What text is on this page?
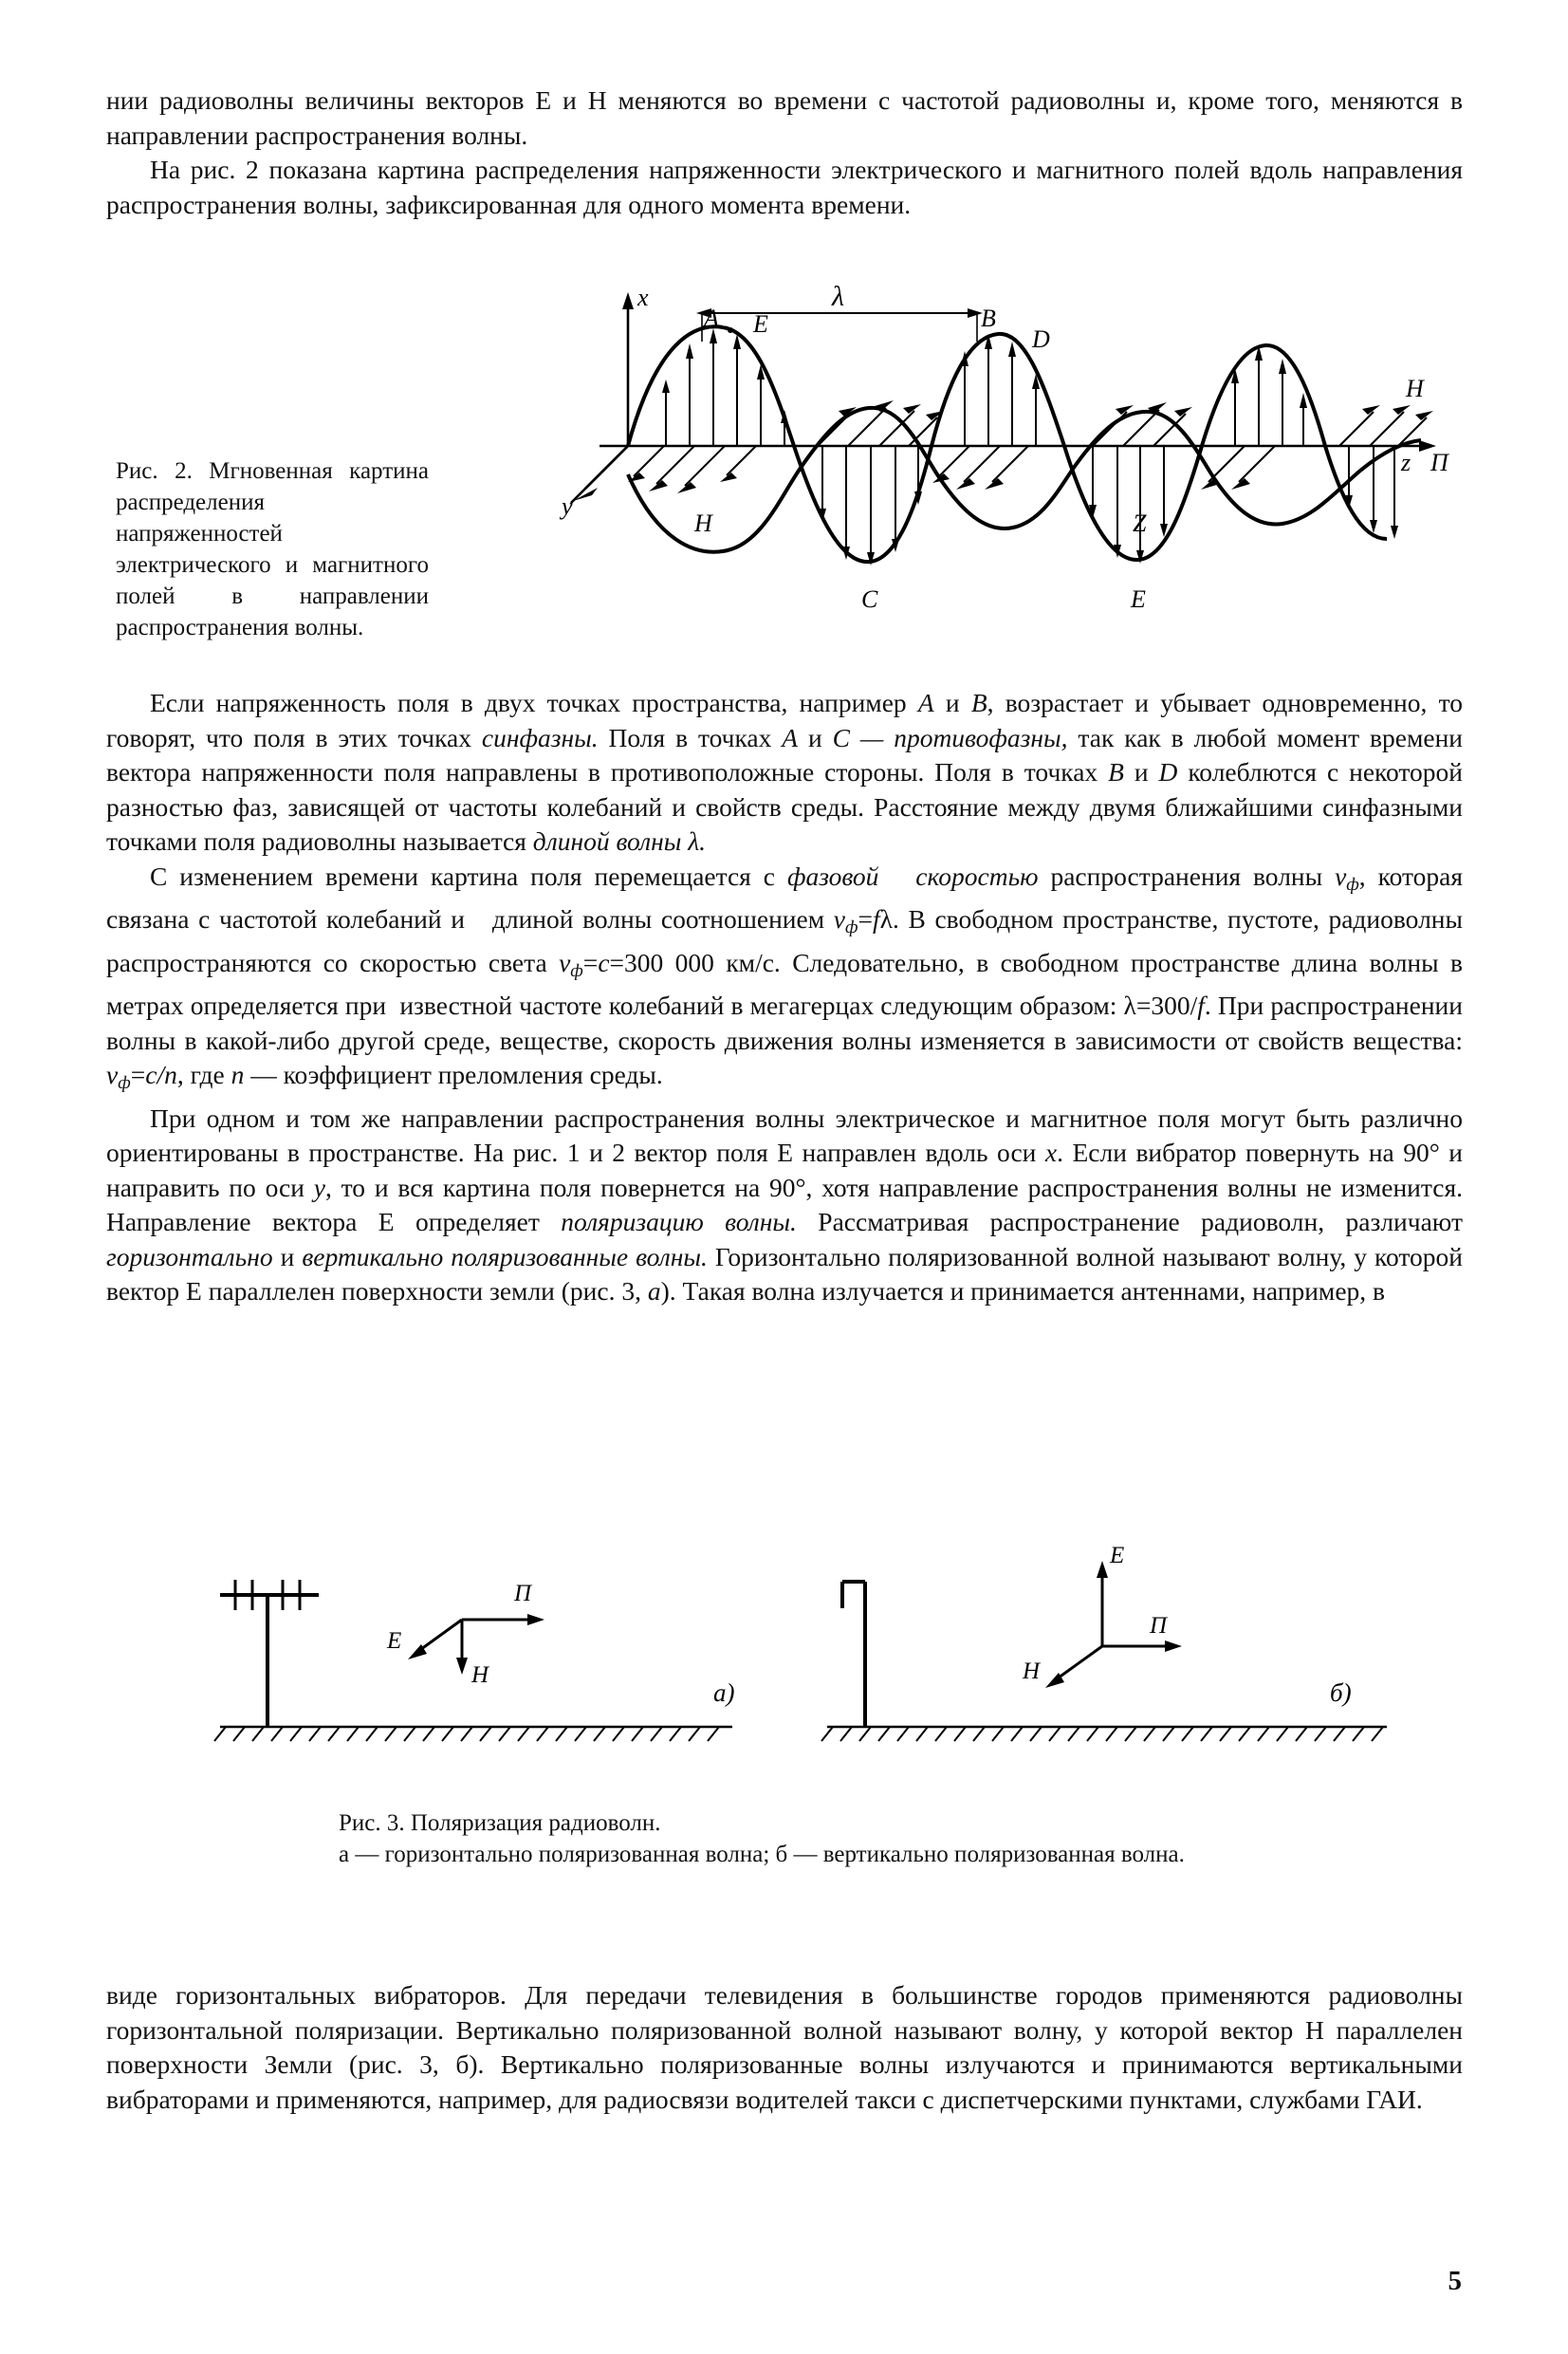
нии радиоволны величины векторов E и H меняются во времени с частотой радиоволны и, кроме того, меняются в направлении распространения волны.

На рис. 2 показана картина распределения напряженности электрического и магнитного полей вдоль направления распространения волны, зафиксированная для одного момента времени.

Рис. 2. Мгновенная картина распределения напряженностей электрического и магнитного полей в направлении распространения волны.
x
y
z
λ
A	B
C
D
E
E
H
H
П
Z

Если напряженность поля в двух точках пространства, например A и B, возрастает и убывает одновременно, то говорят, что поля в этих точках синфазны. Поля в точках A и C — противофазны, так как в любой момент времени вектора напряженности поля направлены в противоположные стороны. Поля в точках B и D колеблются с некоторой разностью фаз, зависящей от частоты колебаний и свойств среды. Расстояние между двумя ближайшими синфазными точками поля радиоволны называется длиной волны λ.

С изменением времени картина поля перемещается с фазовой   скоростью распространения волны $v_ф$, которая связана с частотой колебаний и   длиной волны соотношением $v_ф=f\lambda$. В свободном пространстве, пустоте, радиоволны распространяются со скоростью света $v_ф=c=300$ 000 км/с. Следовательно, в свободном пространстве длина волны в метрах определяется при  известной частоте колебаний в мегагерцах следующим образом: λ=300/f. При распространении волны в какой-либо другой среде, веществе, скорость движения волны изменяется в зависимости от свойств вещества: $v_ф=c/n$, где n — коэффициент преломления среды.

При одном и том же направлении распространения волны электрическое и магнитное поля могут быть различно ориентированы в пространстве. На рис. 1 и 2 вектор поля E направлен вдоль оси x. Если вибратор повернуть на 90° и направить по оси y, то и вся картина поля повернется на 90°, хотя направление распространения волны не изменится. Направление вектора E определяет поляризацию волны. Рассматривая распространение радиоволн, различают горизонтально и вертикально поляризованные волны. Горизонтально поляризованной волной называют волну, у которой вектор E параллелен поверхности земли (рис. 3, а). Такая волна излучается и принимается антеннами, например, в

E
H
П
а)
E
H
П
б)
Рис. 3. Поляризация радиоволн.
а — горизонтально поляризованная волна; б — вертикально поляризованная волна.

виде горизонтальных вибраторов. Для передачи телевидения в большинстве городов применяются радиоволны горизонтальной поляризации. Вертикально поляризованной волной называют волну, у которой вектор H параллелен поверхности Земли (рис. 3, б). Вертикально поляризованные волны излучаются и принимаются вертикальными вибраторами и применяются, например, для радиосвязи водителей такси с диспетчерскими пунктами, службами ГАИ.

5
